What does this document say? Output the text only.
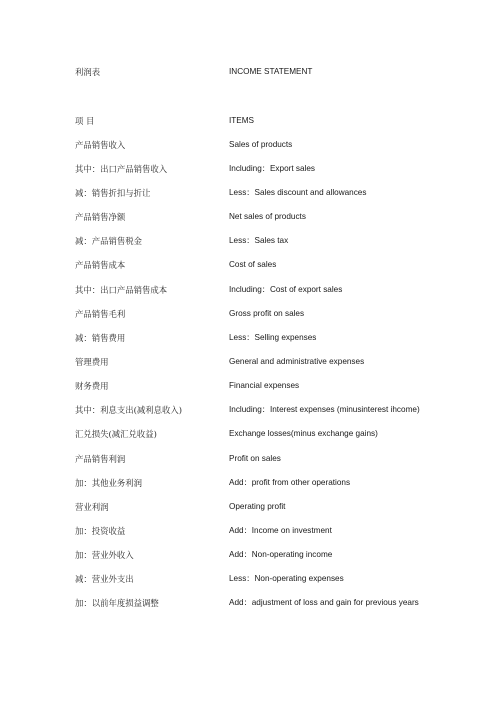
利润表	INCOME STATEMENT
项 目	ITEMS
产品销售收入	Sales of products
其中：出口产品销售收入	Including：Export sales
减：销售折扣与折让	Less：Sales discount and allowances
产品销售净额	Net sales of products
减：产品销售税金	Less：Sales tax
产品销售成本	Cost of sales
其中：出口产品销售成本	Including：Cost of export sales
产品销售毛利	Gross profit on sales
减：销售费用	Less：Selling expenses
管理费用	General and administrative expenses
财务费用	Financial expenses
其中：利息支出(减利息收入)	Including：Interest expenses (minusinterest ihcome)
汇兑损失(减汇兑收益)	Exchange losses(minus exchange gains)
产品销售利润	Profit on sales
加：其他业务利润	Add：profit from other operations
营业利润	Operating profit
加：投资收益	Add：Income on investment
加：营业外收入	Add：Non-operating income
减：营业外支出	Less：Non-operating expenses
加：以前年度损益调整	Add：adjustment of loss and gain for previous years
